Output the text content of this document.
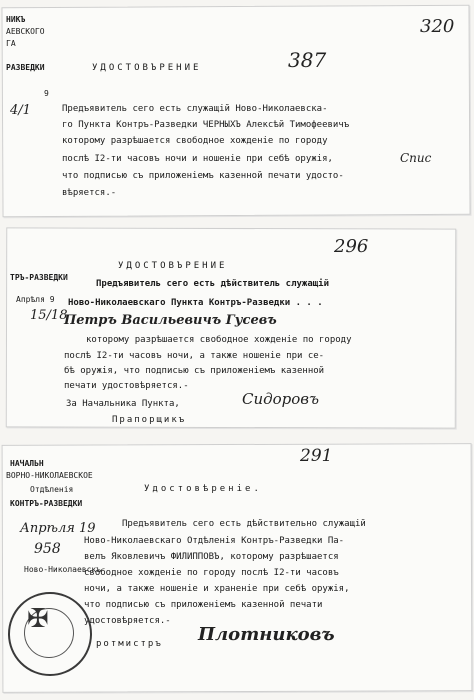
НИКЪ
АЕВСКОГО
ГА
РАЗВЕДКИ
9
4/1
320
387
УДОСТОВЪРЕНИЕ
Предъявитель сего есть служащiй Ново-Николаевска-
го Пункта Контръ-Разведки ЧЕРНЫХЪ Алексѣй Тимофеевичъ
которому разрѣшается свободное хожденiе по городу
послѣ I2-ти часовъ ночи и ношенiе при себѣ оружiя,
что подписью съ приложенiемъ казенной печати удосто-
вѣряется.-
Спис
ТРЪ-РАЗВЕДКИ
Апрѣля 9
15/18
296
УДОСТОВЪРЕНИЕ
Предъявитель сего есть дѣйствитель служащiй
Ново-Николаевскаго Пункта Контръ-Разведки . . .
Петръ Васильевичъ Гусевъ
которому разрѣшается свободное хожденiе по городу
послѣ I2-ти часовъ ночи, а также ношенiе при се-
бѣ оружiя, что подписью съ приложенiемъ казенной
печати удостовѣряется.-
За Начальника Пункта,
Прапорщикъ
Сидоровъ
НАЧАЛЬН
ВОРНО-НИКОЛАЕВСКОЕ
Отдѣленiя
КОНТРЪ-РАЗВЕДКИ
Апрѣля 19
958
Ново-Николаевскъ
291
Удостовѣренiе.
Предъявитель сего есть дѣйствительно служащiй
Ново-Николаевскаго Отдѣленiя Контръ-Разведки Па-
велъ Яковлевичъ ФИЛИППОВЪ, которому разрѣшается
свободное хожденiе по городу послѣ I2-ти часовъ
ночи, а также ношенiе и храненiе при себѣ оружiя,
что подписью съ приложенiемъ казенной печати
удостовѣряется.-
ротмистръ Плотниковъ
✠
